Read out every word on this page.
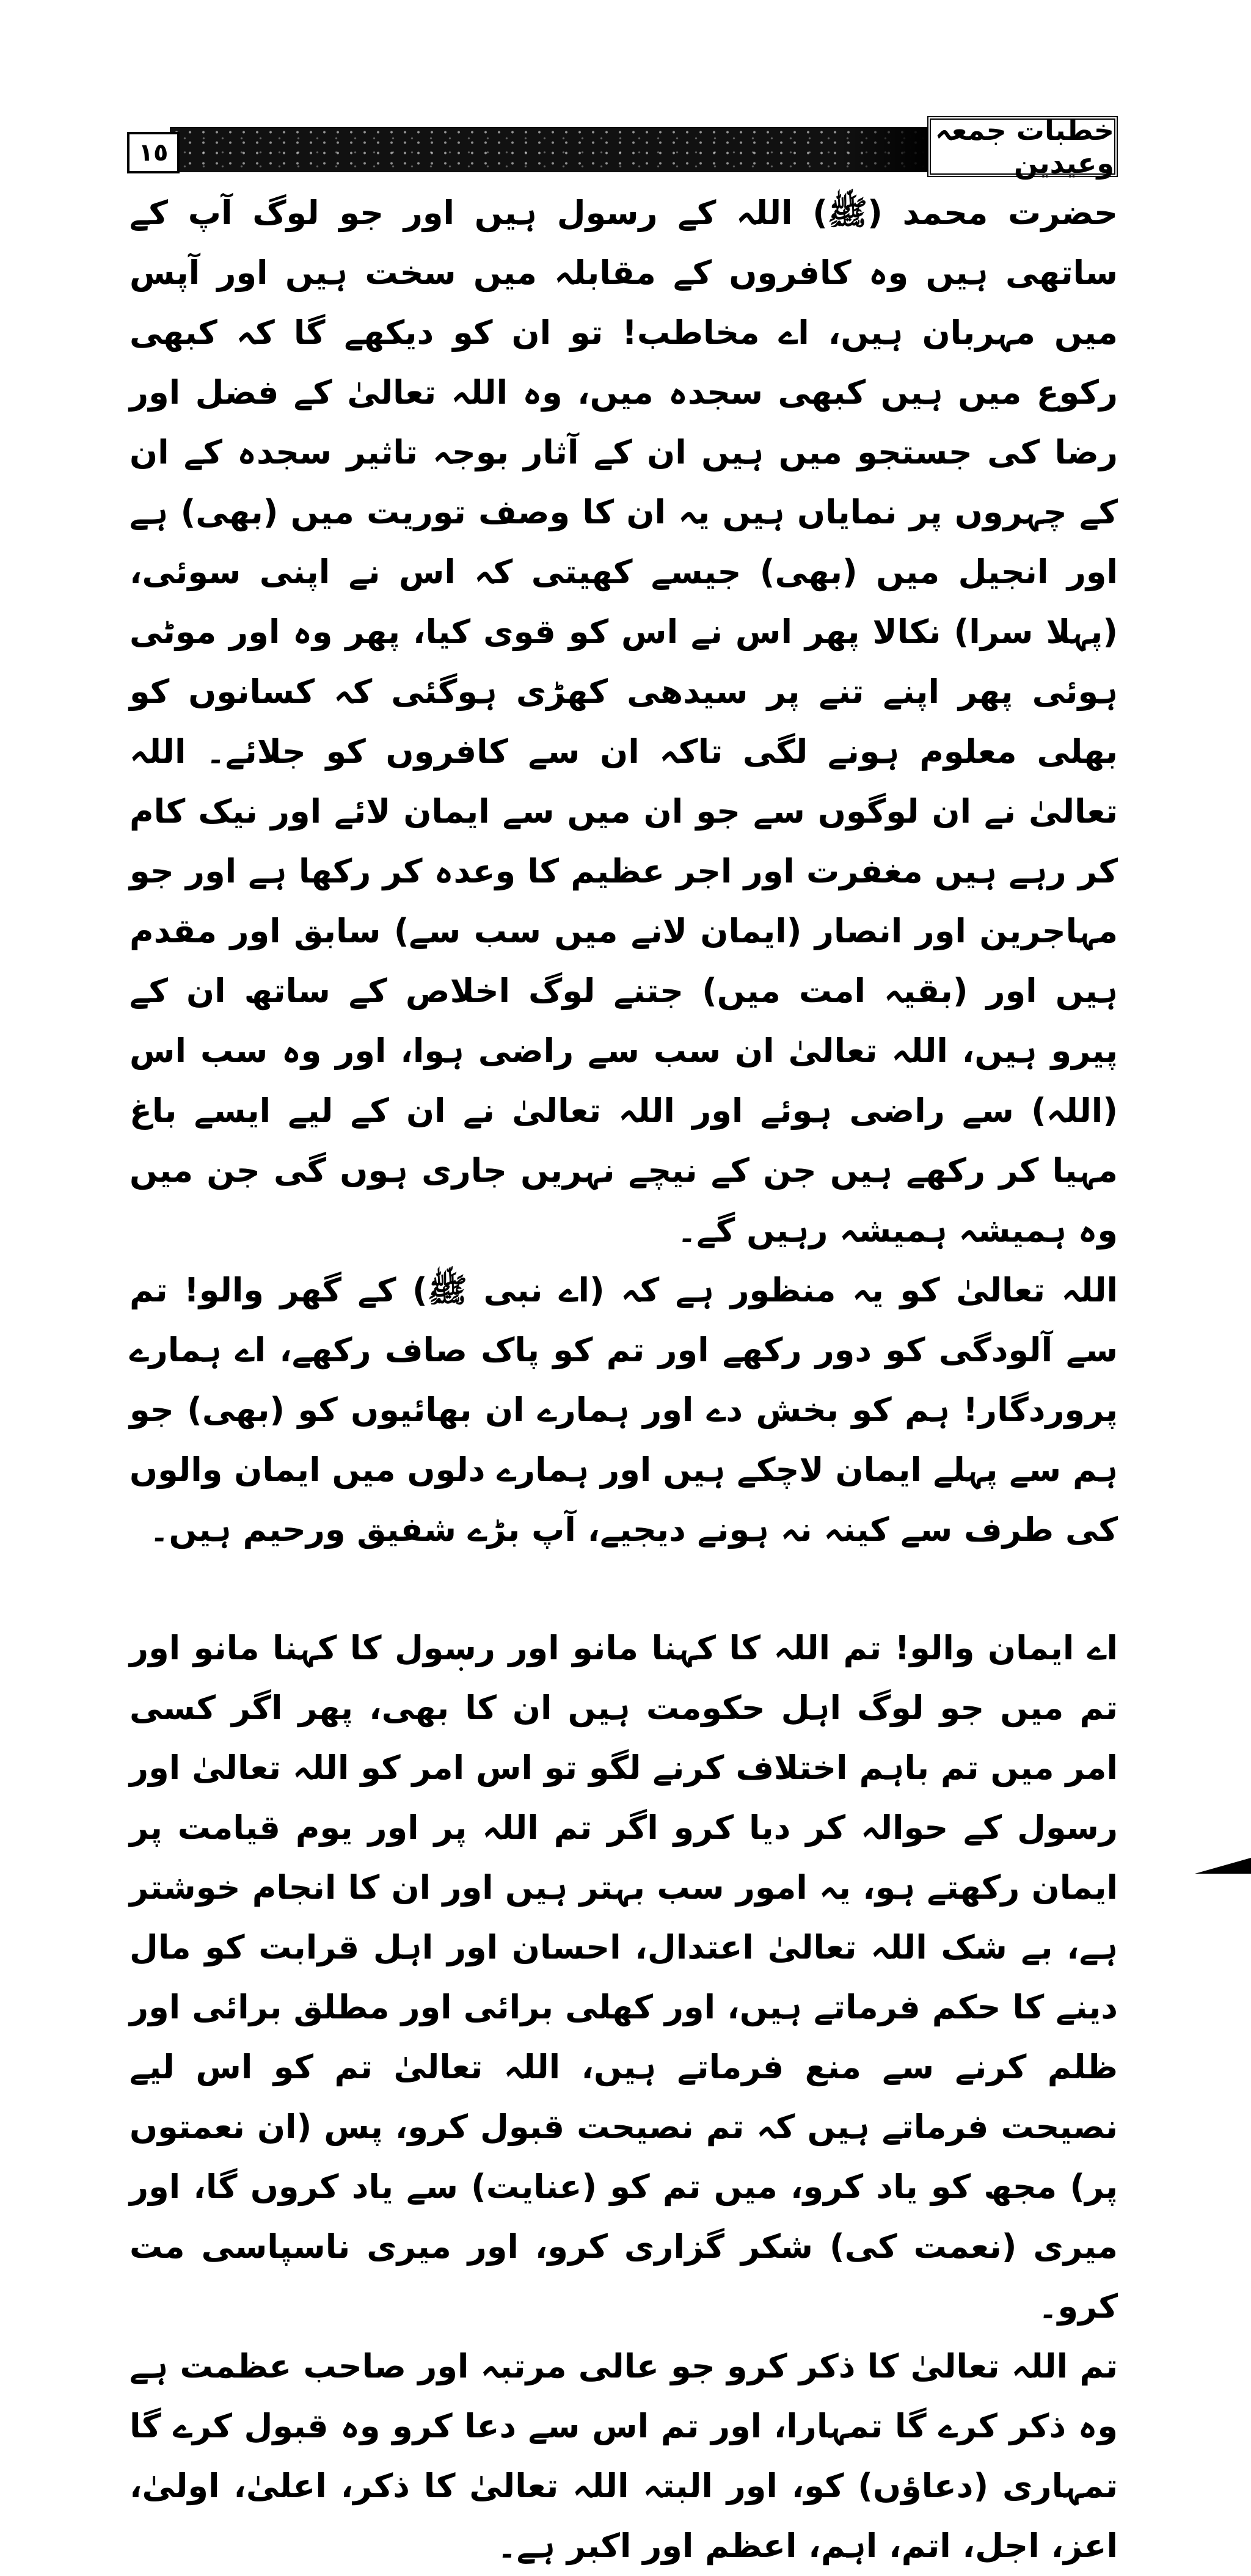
١٥
خطبات جمعہ وعیدین

حضرت محمد (ﷺ) اللہ کے رسول ہیں اور جو لوگ آپ کے ساتھی ہیں وہ کافروں کے مقابلہ میں سخت ہیں اور آپس میں مہربان ہیں، اے مخاطب! تو ان کو دیکھے گا کہ کبھی رکوع میں ہیں کبھی سجدہ میں، وہ اللہ تعالیٰ کے فضل اور رضا کی جستجو میں ہیں ان کے آثار بوجہ تاثیر سجدہ کے ان کے چہروں پر نمایاں ہیں یہ ان کا وصف توریت میں (بھی) ہے اور انجیل میں (بھی) جیسے کھیتی کہ اس نے اپنی سوئی، (پہلا سرا) نکالا پھر اس نے اس کو قوی کیا، پھر وہ اور موٹی ہوئی پھر اپنے تنے پر سیدھی کھڑی ہوگئی کہ کسانوں کو بھلی معلوم ہونے لگی تاکہ ان سے کافروں کو جلائے۔ اللہ تعالیٰ نے ان لوگوں سے جو ان میں سے ایمان لائے اور نیک کام کر رہے ہیں مغفرت اور اجر عظیم کا وعدہ کر رکھا ہے اور جو مہاجرین اور انصار (ایمان لانے میں سب سے) سابق اور مقدم ہیں اور (بقیہ امت میں) جتنے لوگ اخلاص کے ساتھ ان کے پیرو ہیں، اللہ تعالیٰ ان سب سے راضی ہوا، اور وہ سب اس (اللہ) سے راضی ہوئے اور اللہ تعالیٰ نے ان کے لیے ایسے باغ مہیا کر رکھے ہیں جن کے نیچے نہریں جاری ہوں گی جن میں وہ ہمیشہ ہمیشہ رہیں گے۔

اللہ تعالیٰ کو یہ منظور ہے کہ (اے نبی ﷺ) کے گھر والو! تم سے آلودگی کو دور رکھے اور تم کو پاک صاف رکھے، اے ہمارے پروردگار! ہم کو بخش دے اور ہمارے ان بھائیوں کو (بھی) جو ہم سے پہلے ایمان لاچکے ہیں اور ہمارے دلوں میں ایمان والوں کی طرف سے کینہ نہ ہونے دیجیے، آپ بڑے شفیق ورحیم ہیں۔

اے ایمان والو! تم اللہ کا کہنا مانو اور رسول کا کہنا مانو اور تم میں جو لوگ اہل حکومت ہیں ان کا بھی، پھر اگر کسی امر میں تم باہم اختلاف کرنے لگو تو اس امر کو اللہ تعالیٰ اور رسول کے حوالہ کر دیا کرو اگر تم اللہ پر اور یوم قیامت پر ایمان رکھتے ہو، یہ امور سب بہتر ہیں اور ان کا انجام خوشتر ہے، بے شک اللہ تعالیٰ اعتدال، احسان اور اہل قرابت کو مال دینے کا حکم فرماتے ہیں، اور کھلی برائی اور مطلق برائی اور ظلم کرنے سے منع فرماتے ہیں، اللہ تعالیٰ تم کو اس لیے نصیحت فرماتے ہیں کہ تم نصیحت قبول کرو، پس (ان نعمتوں پر) مجھ کو یاد کرو، میں تم کو (عنایت) سے یاد کروں گا، اور میری (نعمت کی) شکر گزاری کرو، اور میری ناسپاسی مت کرو۔

تم اللہ تعالیٰ کا ذکر کرو جو عالی مرتبہ اور صاحب عظمت ہے وہ ذکر کرے گا تمہارا، اور تم اس سے دعا کرو وہ قبول کرے گا تمہاری (دعاؤں) کو، اور البتہ اللہ تعالیٰ کا ذکر، اعلیٰ، اولیٰ، اعز، اجل، اتم، اہم، اعظم اور اکبر ہے۔
